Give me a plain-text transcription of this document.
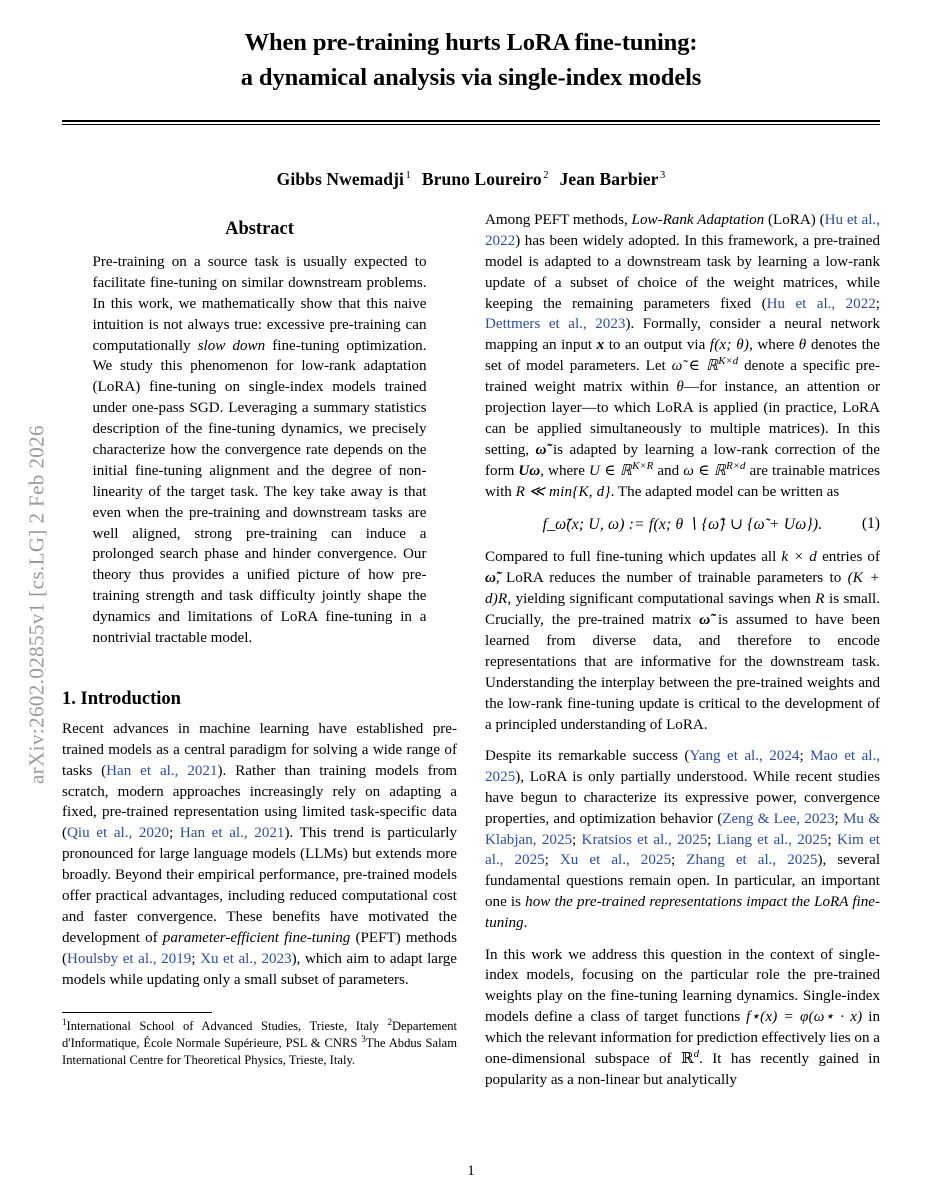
arXiv:2602.02855v1 [cs.LG] 2 Feb 2026
When pre-training hurts LoRA fine-tuning:
a dynamical analysis via single-index models
Gibbs Nwemadji $^1$ Bruno Loureiro $^2$ Jean Barbier $^3$
Abstract
Pre-training on a source task is usually expected to facilitate fine-tuning on similar downstream problems. In this work, we mathematically show that this naive intuition is not always true: excessive pre-training can computationally slow down fine-tuning optimization. We study this phenomenon for low-rank adaptation (LoRA) fine-tuning on single-index models trained under one-pass SGD. Leveraging a summary statistics description of the fine-tuning dynamics, we precisely characterize how the convergence rate depends on the initial fine-tuning alignment and the degree of non-linearity of the target task. The key take away is that even when the pre-training and downstream tasks are well aligned, strong pre-training can induce a prolonged search phase and hinder convergence. Our theory thus provides a unified picture of how pre-training strength and task difficulty jointly shape the dynamics and limitations of LoRA fine-tuning in a nontrivial tractable model.
1. Introduction

Recent advances in machine learning have established pre-trained models as a central paradigm for solving a wide range of tasks (Han et al., 2021). Rather than training models from scratch, modern approaches increasingly rely on adapting a fixed, pre-trained representation using limited task-specific data (Qiu et al., 2020; Han et al., 2021). This trend is particularly pronounced for large language models (LLMs) but extends more broadly. Beyond their empirical performance, pre-trained models offer practical advantages, including reduced computational cost and faster convergence. These benefits have motivated the development of parameter-efficient fine-tuning (PEFT) methods (Houlsby et al., 2019; Xu et al., 2023), which aim to adapt large models while updating only a small subset of parameters.

$^1$International School of Advanced Studies, Trieste, Italy $^2$Departement d'Informatique, École Normale Supérieure, PSL & CNRS $^3$The Abdus Salam International Centre for Theoretical Physics, Trieste, Italy.

Among PEFT methods, Low-Rank Adaptation (LoRA) (Hu et al., 2022) has been widely adopted. In this framework, a pre-trained model is adapted to a downstream task by learning a low-rank update of a subset of choice of the weight matrices, while keeping the remaining parameters fixed (Hu et al., 2022; Dettmers et al., 2023). Formally, consider a neural network mapping an input x to an output via f(x; θ), where θ denotes the set of model parameters. Let ω̃ ∈ ℝ$^{K\times d}$ denote a specific pre-trained weight matrix within θ—for instance, an attention or projection layer—to which LoRA is applied (in practice, LoRA can be applied simultaneously to multiple matrices). In this setting, ω̃ is adapted by learning a low-rank correction of the form Uω, where U ∈ ℝ$^{K\times R}$ and ω ∈ ℝ$^{R\times d}$ are trainable matrices with R ≪ min{K, d}. The adapted model can be written as

f_ω̃(x; U, ω) := f(x; θ ∖ {ω̃} ∪ {ω̃ + Uω}).	(1)

Compared to full fine-tuning which updates all k × d entries of ω̃, LoRA reduces the number of trainable parameters to (K + d)R, yielding significant computational savings when R is small. Crucially, the pre-trained matrix ω̃ is assumed to have been learned from diverse data, and therefore to encode representations that are informative for the downstream task. Understanding the interplay between the pre-trained weights and the low-rank fine-tuning update is critical to the development of a principled understanding of LoRA.

Despite its remarkable success (Yang et al., 2024; Mao et al., 2025), LoRA is only partially understood. While recent studies have begun to characterize its expressive power, convergence properties, and optimization behavior (Zeng & Lee, 2023; Mu & Klabjan, 2025; Kratsios et al., 2025; Liang et al., 2025; Kim et al., 2025; Xu et al., 2025; Zhang et al., 2025), several fundamental questions remain open. In particular, an important one is how the pre-trained representations impact the LoRA fine-tuning.

In this work we address this question in the context of single-index models, focusing on the particular role the pre-trained weights play on the fine-tuning learning dynamics. Single-index models define a class of target functions f⋆(x) = φ(ω⋆ · x) in which the relevant information for prediction effectively lies on a one-dimensional subspace of ℝ$^d$. It has recently gained in popularity as a non-linear but analytically

1
